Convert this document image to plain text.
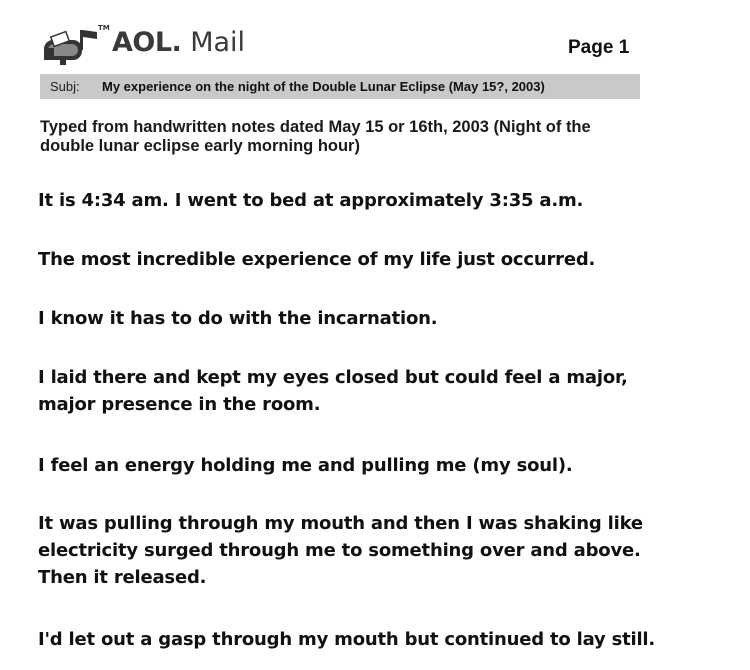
TM AOL. Mail	Page 1
Subj:	My experience on the night of the Double Lunar Eclipse (May 15?, 2003)
Typed from handwritten notes dated May 15 or 16th, 2003 (Night of the
double lunar eclipse early morning hour)
It is 4:34 am. I went to bed at approximately 3:35 a.m.
The most incredible experience of my life just occurred.
I know it has to do with the incarnation.
I laid there and kept my eyes closed but could feel a major,
major presence in the room.
I feel an energy holding me and pulling me (my soul).
It was pulling through my mouth and then I was shaking like
electricity surged through me to something over and above.
Then it released.
I'd let out a gasp through my mouth but continued to lay still.
